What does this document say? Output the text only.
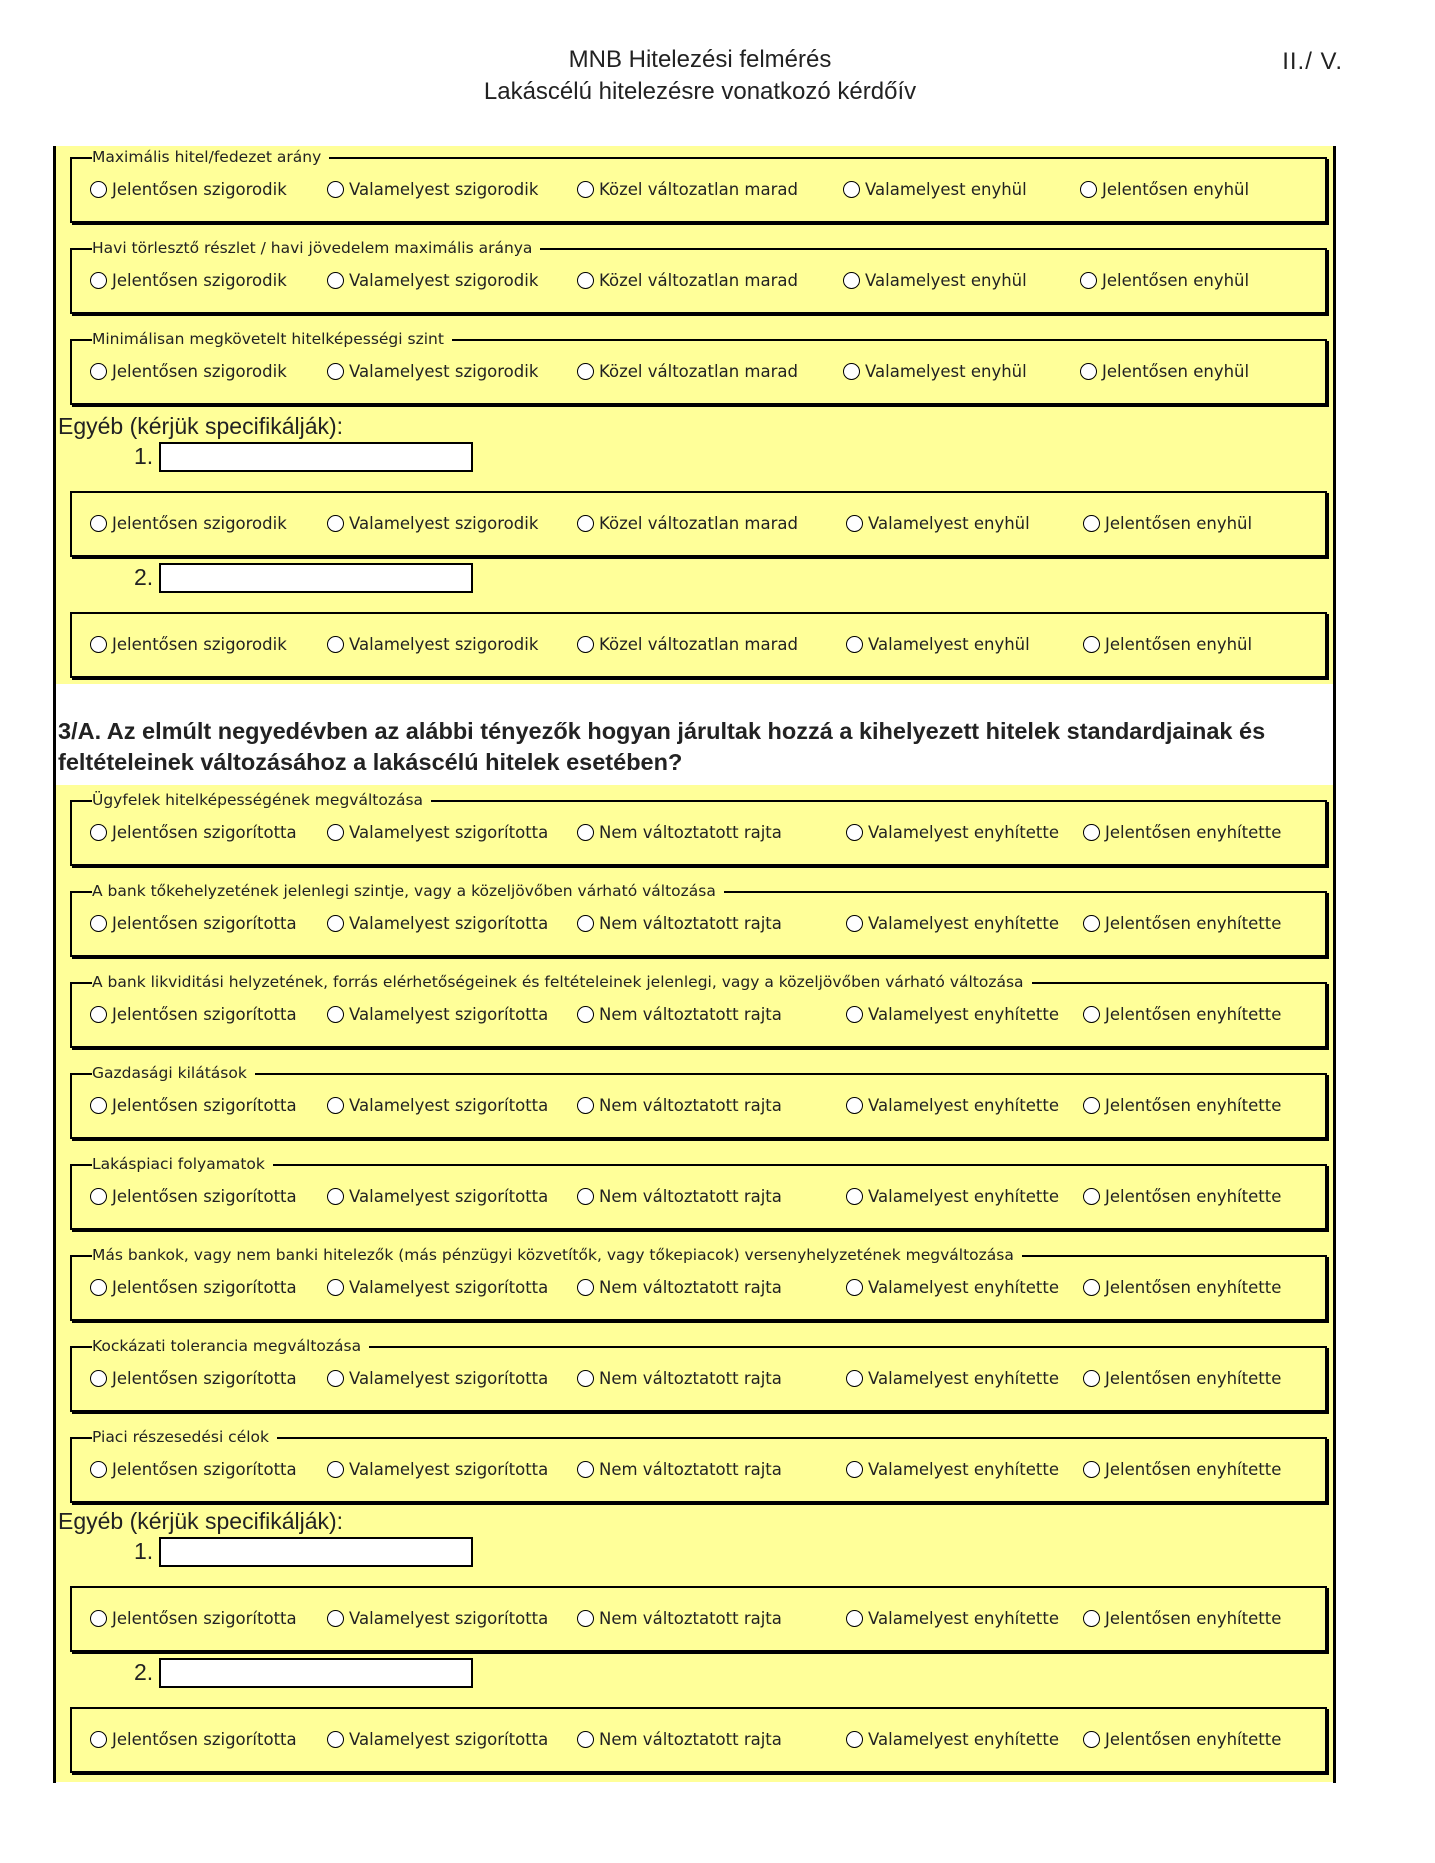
MNB Hitelezési felmérés
Lakáscélú hitelezésre vonatkozó kérdőív
II./ V.
Maximális hitel/fedezet arány
Jelentősen szigorodik	Valamelyest szigorodik	Közel változatlan marad	Valamelyest enyhül	Jelentősen enyhül
Havi törlesztő részlet / havi jövedelem maximális aránya
Jelentősen szigorodik	Valamelyest szigorodik	Közel változatlan marad	Valamelyest enyhül	Jelentősen enyhül
Minimálisan megkövetelt hitelképességi szint
Jelentősen szigorodik	Valamelyest szigorodik	Közel változatlan marad	Valamelyest enyhül	Jelentősen enyhül
Jelentősen szigorodik	Valamelyest szigorodik	Közel változatlan marad	Valamelyest enyhül	Jelentősen enyhül
Jelentősen szigorodik	Valamelyest szigorodik	Közel változatlan marad	Valamelyest enyhül	Jelentősen enyhül
Egyéb (kérjük specifikálják):
1.
2.
3/A. Az elmúlt negyedévben az alábbi tényezők hogyan járultak hozzá a kihelyezett hitelek standardjainak és feltételeinek változásához a lakáscélú hitelek esetében?
Ügyfelek hitelképességének megváltozása
Jelentősen szigorította	Valamelyest szigorította	Nem változtatott rajta	Valamelyest enyhítette	Jelentősen enyhítette
A bank tőkehelyzetének jelenlegi szintje, vagy a közeljövőben várható változása
Jelentősen szigorította	Valamelyest szigorította	Nem változtatott rajta	Valamelyest enyhítette	Jelentősen enyhítette
A bank likviditási helyzetének, forrás elérhetőségeinek és feltételeinek jelenlegi, vagy a közeljövőben várható változása
Jelentősen szigorította	Valamelyest szigorította	Nem változtatott rajta	Valamelyest enyhítette	Jelentősen enyhítette
Gazdasági kilátások
Jelentősen szigorította	Valamelyest szigorította	Nem változtatott rajta	Valamelyest enyhítette	Jelentősen enyhítette
Lakáspiaci folyamatok
Jelentősen szigorította	Valamelyest szigorította	Nem változtatott rajta	Valamelyest enyhítette	Jelentősen enyhítette
Más bankok, vagy nem banki hitelezők (más pénzügyi közvetítők, vagy tőkepiacok) versenyhelyzetének megváltozása
Jelentősen szigorította	Valamelyest szigorította	Nem változtatott rajta	Valamelyest enyhítette	Jelentősen enyhítette
Kockázati tolerancia megváltozása
Jelentősen szigorította	Valamelyest szigorította	Nem változtatott rajta	Valamelyest enyhítette	Jelentősen enyhítette
Piaci részesedési célok
Jelentősen szigorította	Valamelyest szigorította	Nem változtatott rajta	Valamelyest enyhítette	Jelentősen enyhítette
Jelentősen szigorította	Valamelyest szigorította	Nem változtatott rajta	Valamelyest enyhítette	Jelentősen enyhítette
Jelentősen szigorította	Valamelyest szigorította	Nem változtatott rajta	Valamelyest enyhítette	Jelentősen enyhítette
Egyéb (kérjük specifikálják):
1.
2.
